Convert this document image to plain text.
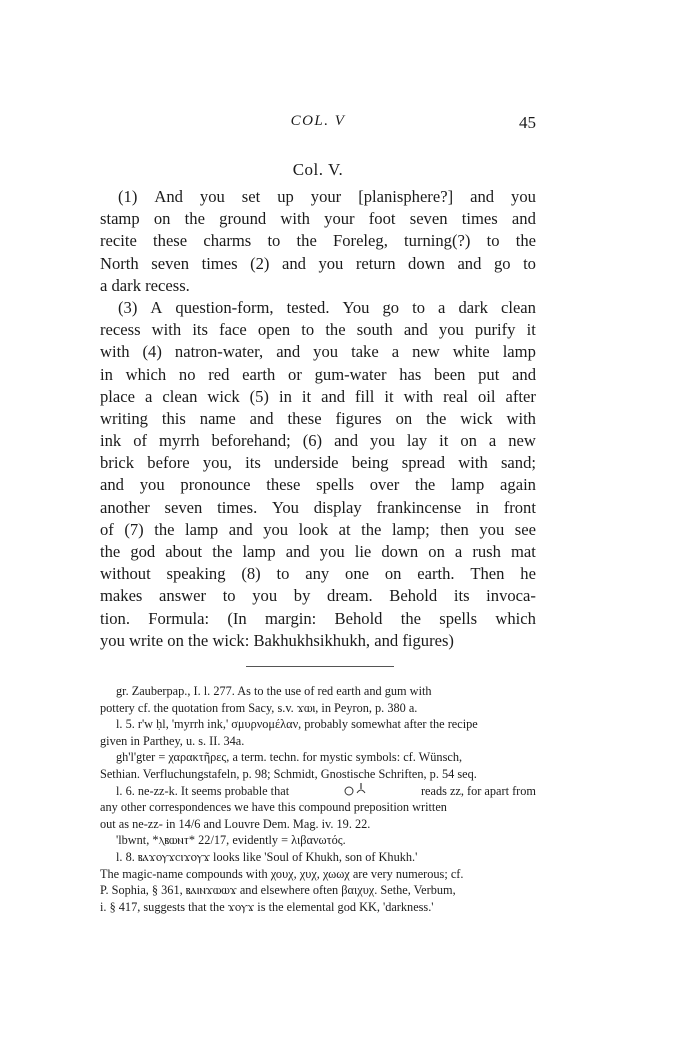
COL. V	45
Col. V.
(1) And you set up your [planisphere?] and you
stamp on the ground with your foot seven times and
recite these charms to the Foreleg, turning(?) to the
North seven times (2) and you return down and go to
a dark recess.
(3) A question-form, tested. You go to a dark clean
recess with its face open to the south and you purify it
with (4) natron-water, and you take a new white lamp
in which no red earth or gum-water has been put and
place a clean wick (5) in it and fill it with real oil after
writing this name and these figures on the wick with
ink of myrrh beforehand; (6) and you lay it on a new
brick before you, its underside being spread with sand;
and you pronounce these spells over the lamp again
another seven times. You display frankincense in front
of (7) the lamp and you look at the lamp; then you see
the god about the lamp and you lie down on a rush mat
without speaking (8) to any one on earth. Then he
makes answer to you by dream. Behold its invoca-
tion. Formula: (In margin: Behold the spells which
you write on the wick: Bakhukhsikhukh, and figures)
gr. Zauberpap., I. l. 277. As to the use of red earth and gum with
pottery cf. the quotation from Sacy, s.v. ϫⲱⲓ, in Peyron, p. 380 a.
l. 5. r'w ḥl, 'myrrh ink,' σμυρνομέλαν, probably somewhat after the recipe
given in Parthey, u. s. II. 34a.
gh'l'gter = χαρακτῆρες, a term. techn. for mystic symbols: cf. Wünsch,
Sethian. Verfluchungstafeln, p. 98; Schmidt, Gnostische Schriften, p. 54 seq.
l. 6. ne-zz-k. It seems probable that	reads zz, for apart from
any other correspondences we have this compound preposition written
out as ne-zz- in 14/6 and Louvre Dem. Mag. iv. 19. 22.
'lbwnt, *ⲗⲃⲱⲛⲧ* 22/17, evidently = λιβανωτός.
l. 8. ⲃⲁϫⲟⲩϫⲥⲓϫⲟⲩϫ looks like 'Soul of Khukh, son of Khukh.'
The magic-name compounds with χουχ, χυχ, χωωχ are very numerous; cf.
P. Sophia, § 361, ⲃⲁⲓⲛϫⲱⲱϫ and elsewhere often βαιχυχ. Sethe, Verbum,
i. § 417, suggests that the ϫⲟⲩϫ is the elemental god KK, 'darkness.'
